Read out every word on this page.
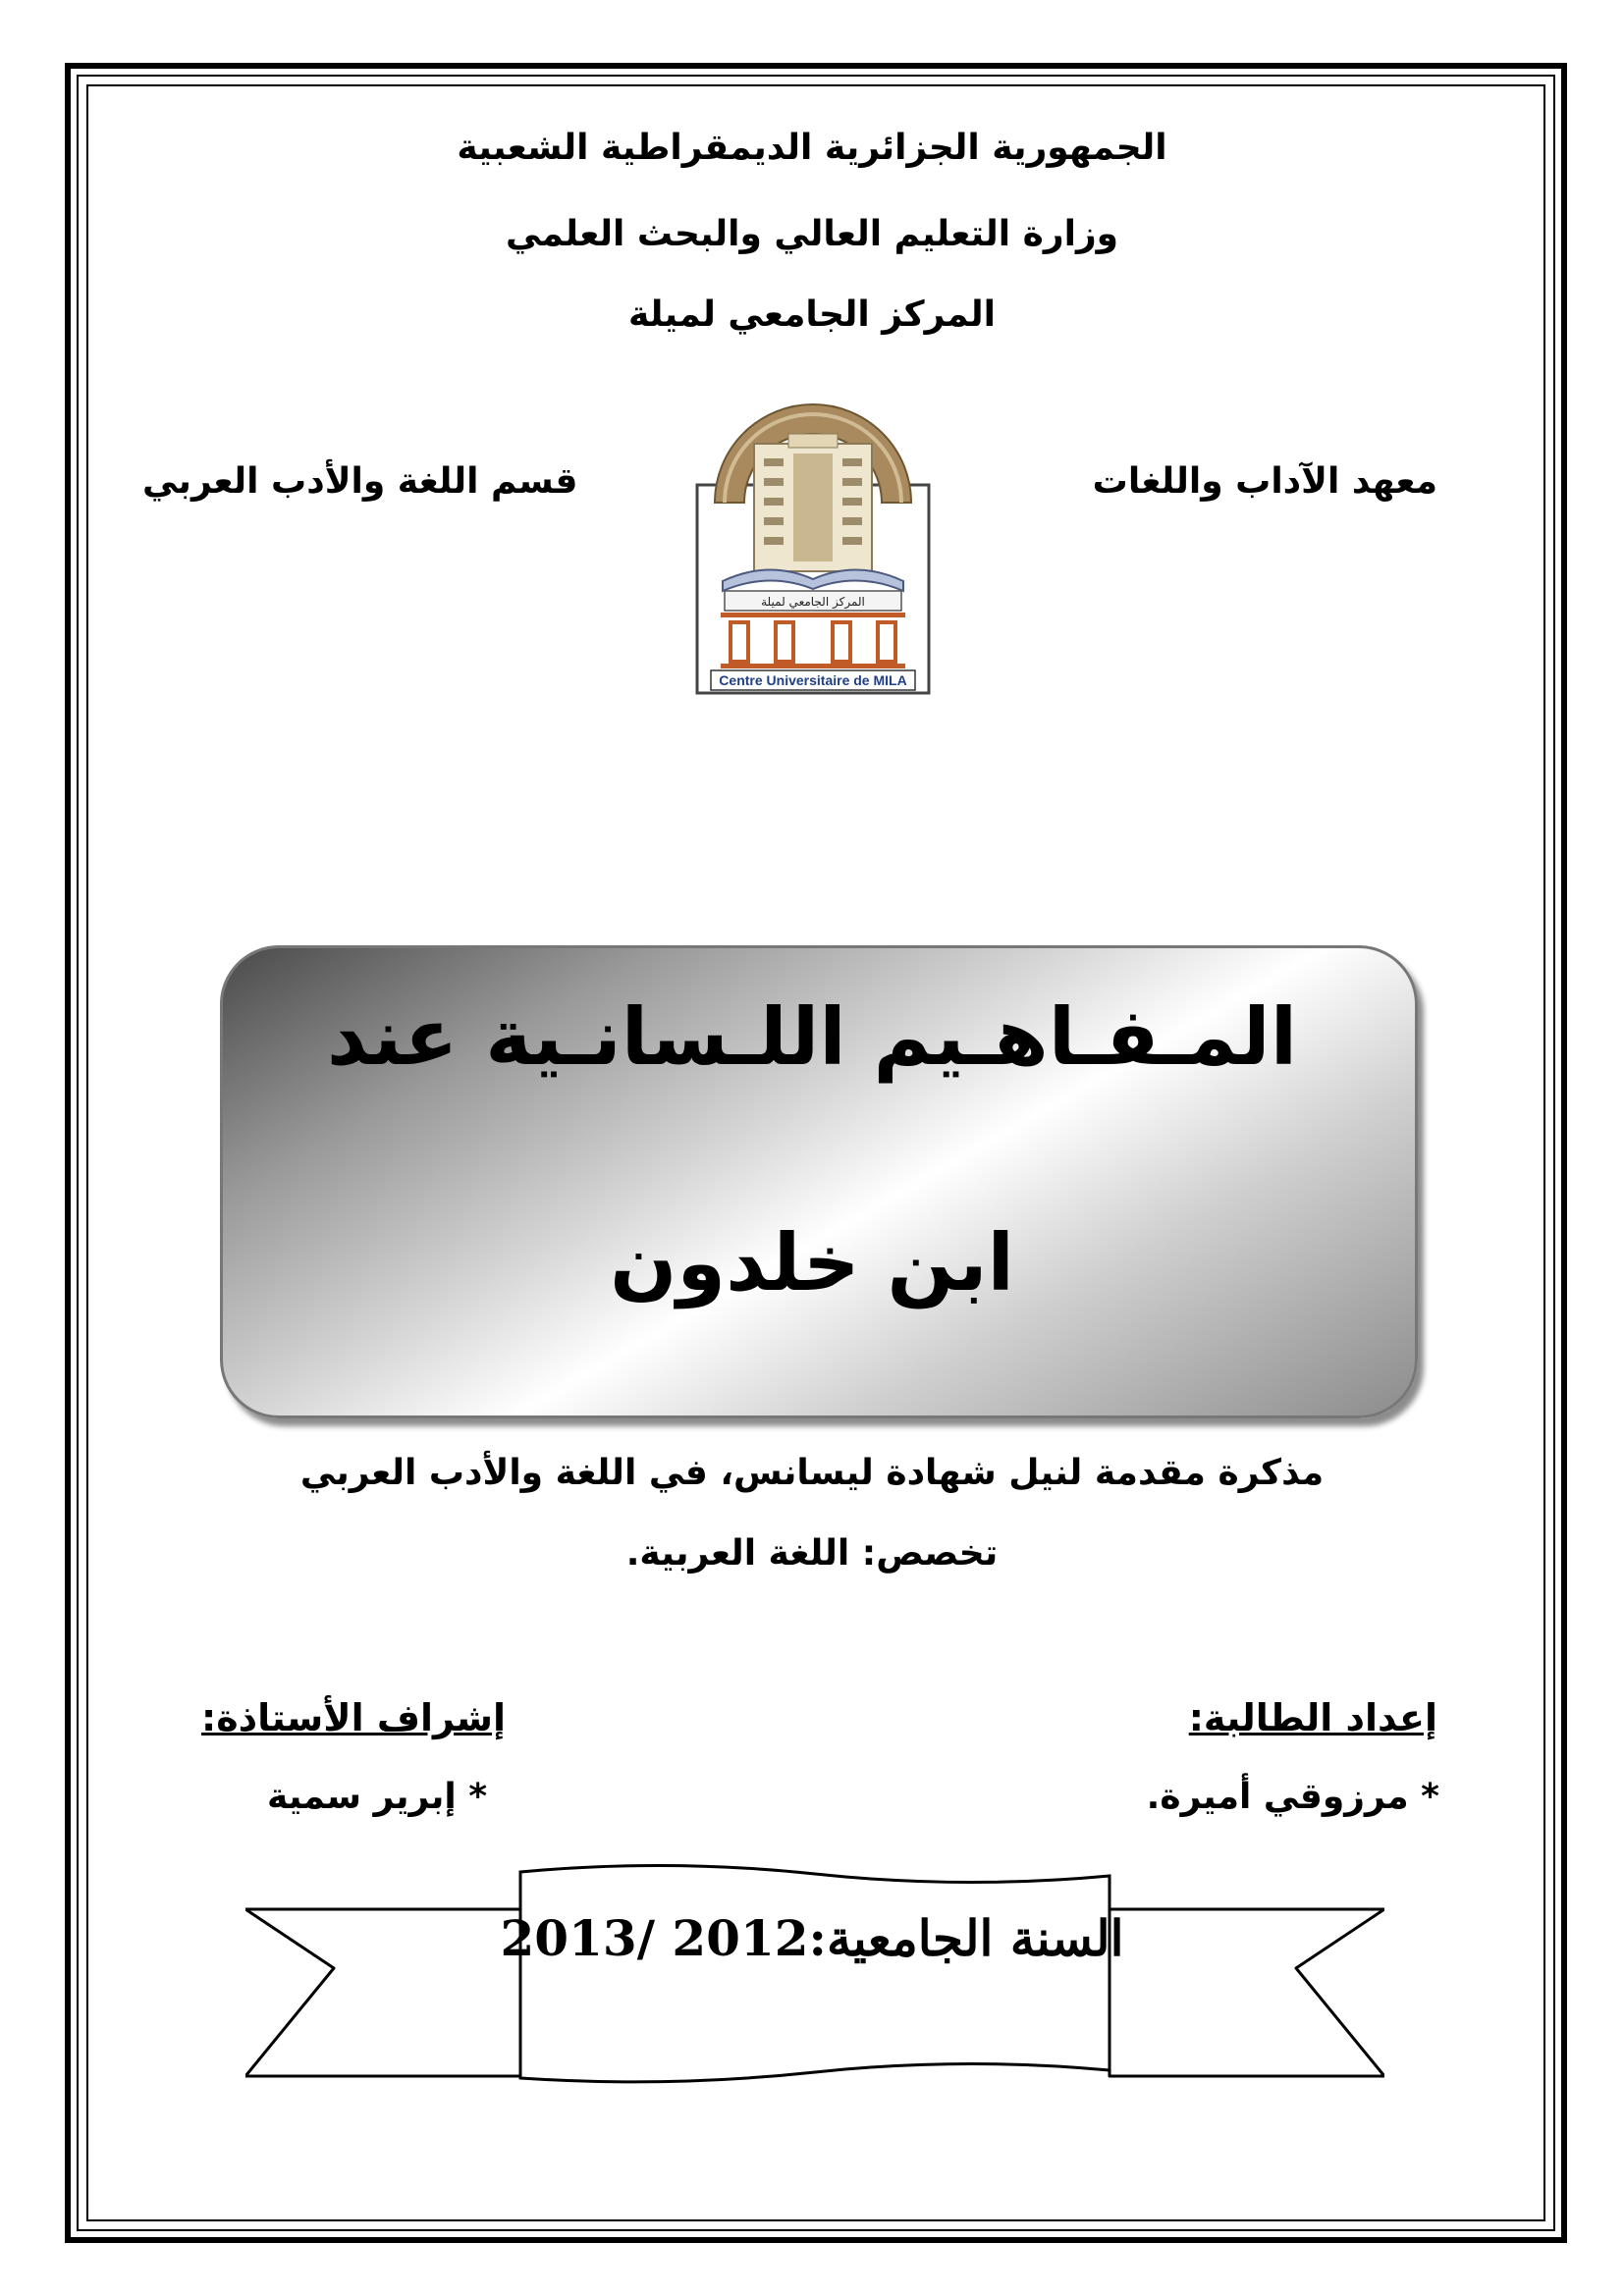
الجمهورية الجزائرية الديمقراطية الشعبية
وزارة التعليم العالي والبحث العلمي
المركز الجامعي لميلة
معهد الآداب واللغات
قسم اللغة والأدب العربي
المركز الجامعي لميلة
Centre Universitaire de MILA
المـفـاهـيم اللـسانـية عند
ابن خلدون
مذكرة مقدمة لنيل شهادة ليسانس، في اللغة والأدب العربي
تخصص: اللغة العربية.
إعداد الطالبة:
إشراف الأستاذة:
* مرزوقي أميرة.
* إبرير سمية
السنة الجامعية:2012 /2013
